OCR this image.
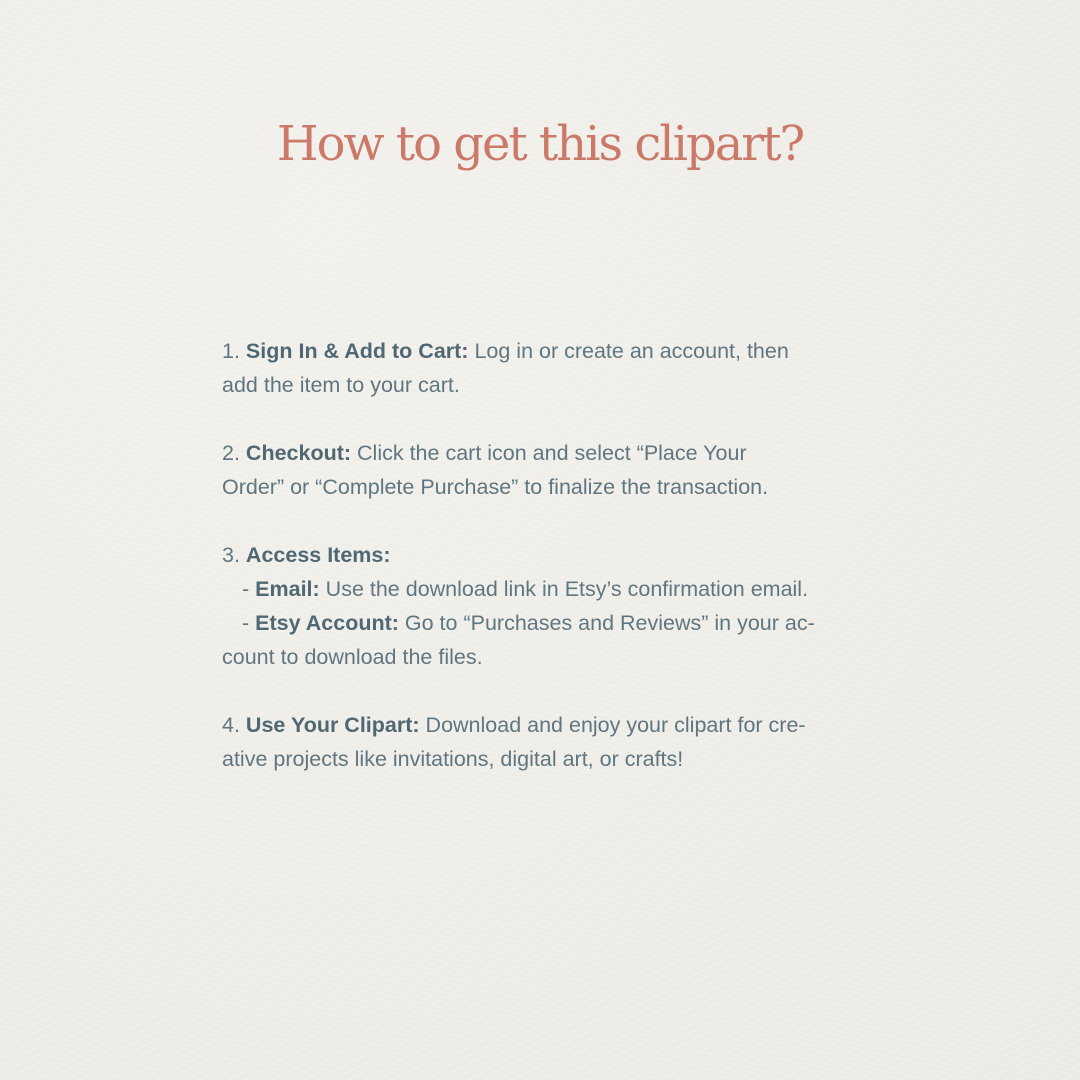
How to get this clipart?
1. Sign In & Add to Cart: Log in or create an account, then
add the item to your cart.
2. Checkout: Click the cart icon and select “Place Your
Order” or “Complete Purchase” to finalize the transaction.
3. Access Items:
- Email: Use the download link in Etsy’s confirmation email.
- Etsy Account: Go to “Purchases and Reviews” in your ac-
count to download the files.
4. Use Your Clipart: Download and enjoy your clipart for cre-
ative projects like invitations, digital art, or crafts!
